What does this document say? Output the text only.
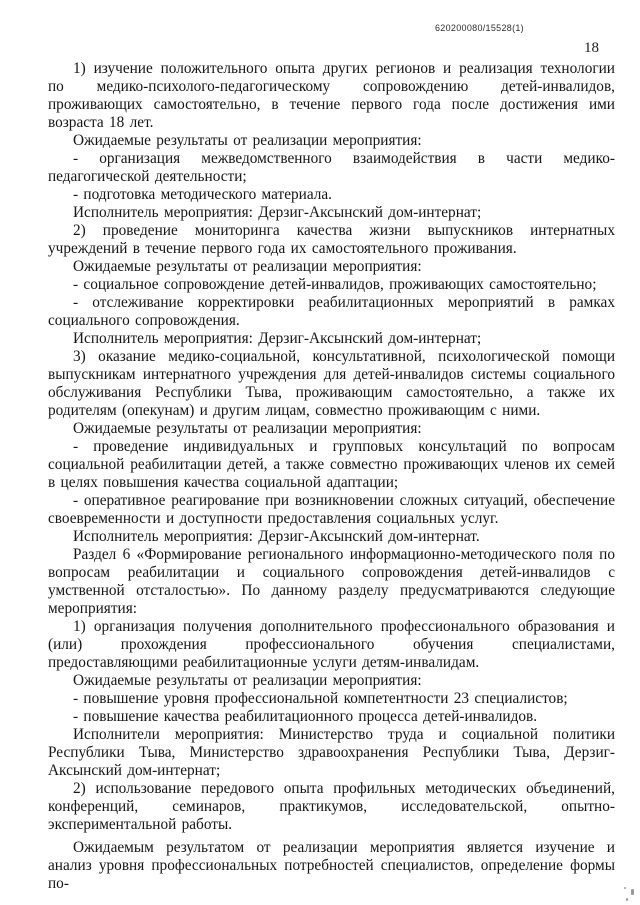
620200080/15528(1)
18

1) изучение положительного опыта других регионов и реализация технологии по медико-психолого-педагогическому сопровождению детей-инвалидов, проживающих самостоятельно, в течение первого года после достижения ими возраста 18 лет.

Ожидаемые результаты от реализации мероприятия:

- организация межведомственного взаимодействия в части медико-педагогической деятельности;

- подготовка методического материала.

Исполнитель мероприятия: Дерзиг-Аксынский дом-интернат;

2) проведение мониторинга качества жизни выпускников интернатных учреждений в течение первого года их самостоятельного проживания.

Ожидаемые результаты от реализации мероприятия:

- социальное сопровождение детей-инвалидов, проживающих самостоятельно;

- отслеживание корректировки реабилитационных мероприятий в рамках социального сопровождения.

Исполнитель мероприятия: Дерзиг-Аксынский дом-интернат;

3) оказание медико-социальной, консультативной, психологической помощи выпускникам интернатного учреждения для детей-инвалидов системы социального обслуживания Республики Тыва, проживающим самостоятельно, а также их родителям (опекунам) и другим лицам, совместно проживающим с ними.

Ожидаемые результаты от реализации мероприятия:

- проведение индивидуальных и групповых консультаций по вопросам социальной реабилитации детей, а также совместно проживающих членов их семей в целях повышения качества социальной адаптации;

- оперативное реагирование при возникновении сложных ситуаций, обеспечение своевременности и доступности предоставления социальных услуг.

Исполнитель мероприятия: Дерзиг-Аксынский дом-интернат.

Раздел 6 «Формирование регионального информационно-методического поля по вопросам реабилитации и социального сопровождения детей-инвалидов с умственной отсталостью». По данному разделу предусматриваются следующие мероприятия:

1) организация получения дополнительного профессионального образования и (или) прохождения профессионального обучения специалистами, предоставляющими реабилитационные услуги детям-инвалидам.

Ожидаемые результаты от реализации мероприятия:

- повышение уровня профессиональной компетентности 23 специалистов;

- повышение качества реабилитационного процесса детей-инвалидов.

Исполнители мероприятия: Министерство труда и социальной политики Республики Тыва, Министерство здравоохранения Республики Тыва, Дерзиг-Аксынский дом-интернат;

2) использование передового опыта профильных методических объединений, конференций, семинаров, практикумов, исследовательской, опытно-экспериментальной работы.

Ожидаемым результатом от реализации мероприятия является изучение и анализ уровня профессиональных потребностей специалистов, определение формы по-
